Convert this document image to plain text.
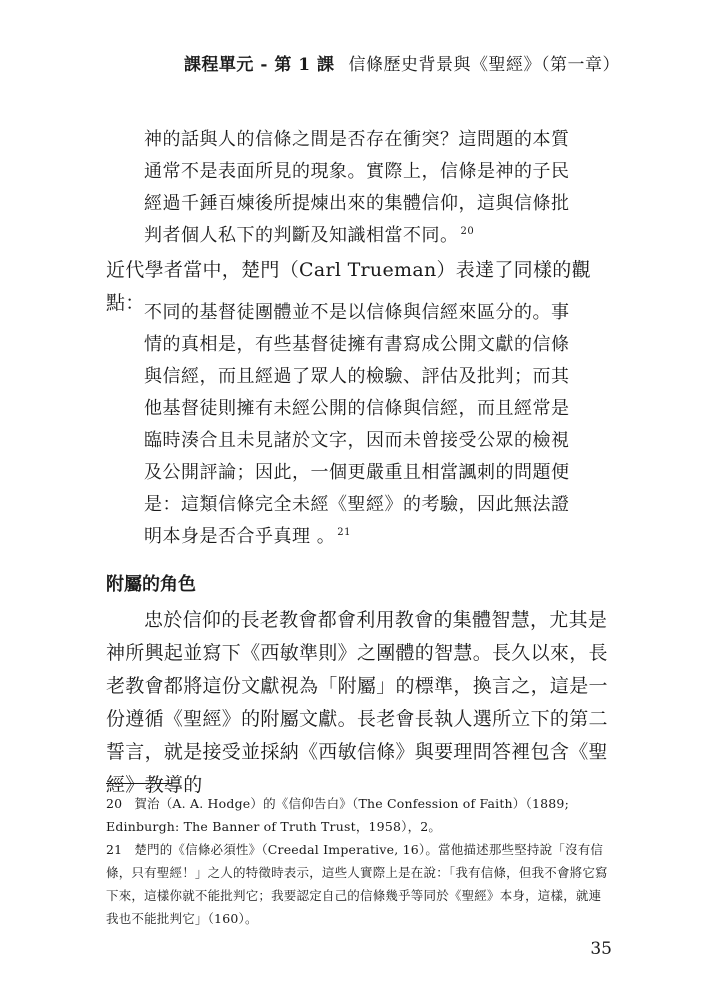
課程單元 - 第 1 課 信條歷史背景與《聖經》（第一章）

神的話與人的信條之間是否存在衝突？這問題的本質通常不是表面所見的現象。實際上，信條是神的子民經過千錘百煉後所提煉出來的集體信仰，這與信條批判者個人私下的判斷及知識相當不同。 $^{20}$

近代學者當中，楚門（Carl Trueman）表達了同樣的觀點： 不同的基督徒團體並不是以信條與信經來區分的。事情的真相是，有些基督徒擁有書寫成公開文獻的信條與信經，而且經過了眾人的檢驗、評估及批判；而其他基督徒則擁有未經公開的信條與信經，而且經常是臨時湊合且未見諸於文字，因而未曾接受公眾的檢視及公開評論；因此，一個更嚴重且相當諷刺的問題便是：這類信條完全未經《聖經》的考驗，因此無法證明本身是否合乎真理 。 $^{21}$

附屬的角色

忠於信仰的長老教會都會利用教會的集體智慧，尤其是神所興起並寫下《西敏準則》之團體的智慧。長久以來，長老教會都將這份文獻視為「附屬」的標準，換言之，這是一份遵循《聖經》的附屬文獻。長老會長執人選所立下的第二誓言，就是接受並採納《西敏信條》與要理問答裡包含《聖經》教導的

20 賀治（A. A. Hodge）的《信仰告白》（The Confession of Faith）（1889; Edinburgh: The Banner of Truth Trust，1958），2。

21 楚門的《信條必須性》（Creedal Imperative, 16）。當他描述那些堅持說「沒有信條，只有聖經！」之人的特徵時表示，這些人實際上是在說：「我有信條，但我不會將它寫下來，這樣你就不能批判它；我要認定自己的信條幾乎等同於《聖經》本身，這樣，就連我也不能批判它」（160）。

35
